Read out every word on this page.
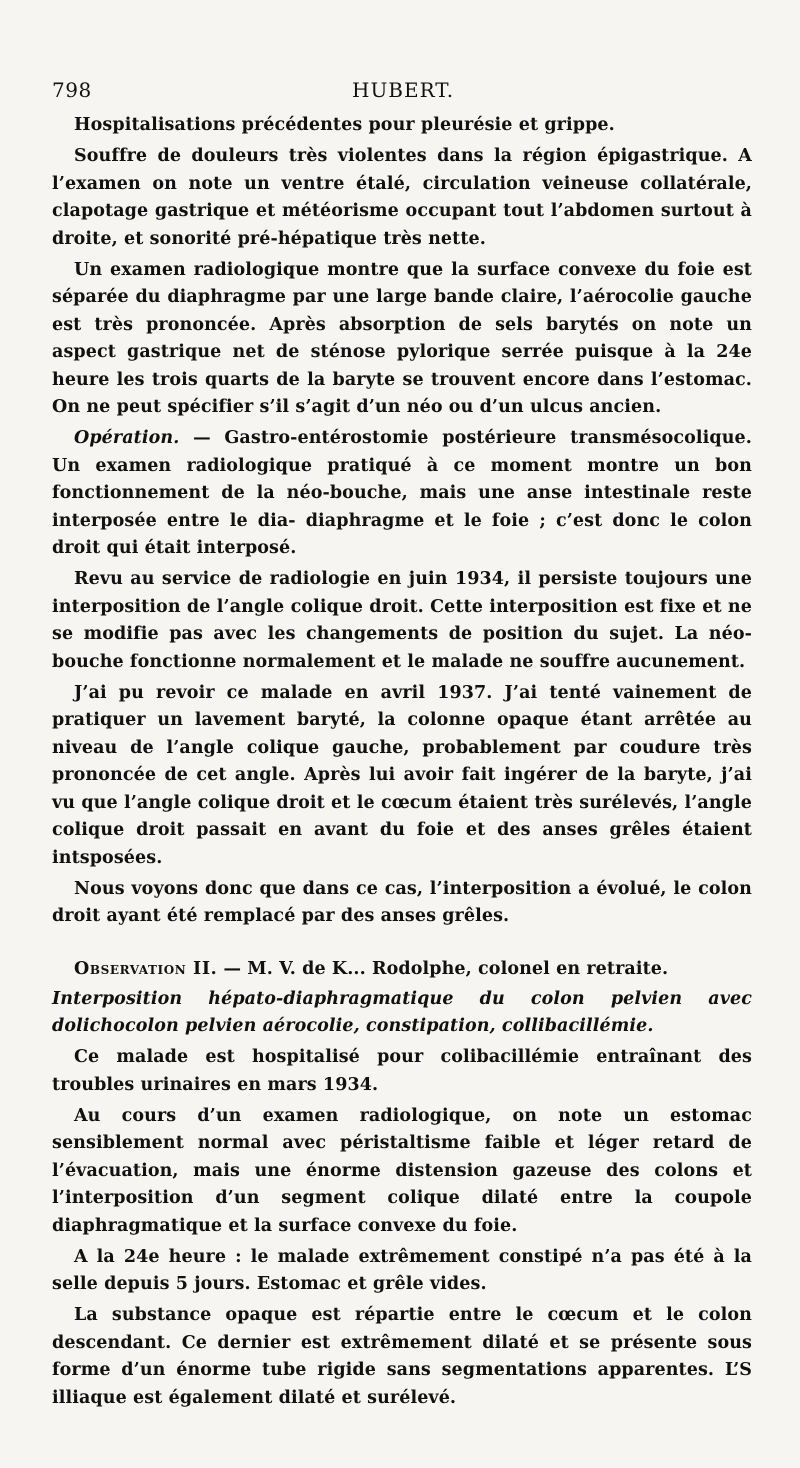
798	HUBERT.

Hospitalisations précédentes pour pleurésie et grippe.

Souffre de douleurs très violentes dans la région épigastrique. A l’examen on note un ventre étalé, circulation veineuse collatérale, clapotage gastrique et météorisme occupant tout l’abdomen surtout à droite, et sonorité pré-hépatique très nette.

Un examen radiologique montre que la surface convexe du foie est séparée du diaphragme par une large bande claire, l’aérocolie gauche est très prononcée. Après absorption de sels barytés on note un aspect gastrique net de sténose pylorique serrée puisque à la 24e heure les trois quarts de la baryte se trouvent encore dans l’estomac. On ne peut spécifier s’il s’agit d’un néo ou d’un ulcus ancien.

Opération. — Gastro-entérostomie postérieure transmésocolique. Un examen radiologique pratiqué à ce moment montre un bon fonctionnement de la néo-bouche, mais une anse intestinale reste interposée entre le dia- diaphragme et le foie ; c’est donc le colon droit qui était interposé.

Revu au service de radiologie en juin 1934, il persiste toujours une interposition de l’angle colique droit. Cette interposition est fixe et ne se modifie pas avec les changements de position du sujet. La néo-bouche fonctionne normalement et le malade ne souffre aucunement.

J’ai pu revoir ce malade en avril 1937. J’ai tenté vainement de pratiquer un lavement baryté, la colonne opaque étant arrêtée au niveau de l’angle colique gauche, probablement par coudure très prononcée de cet angle. Après lui avoir fait ingérer de la baryte, j’ai vu que l’angle colique droit et le cœcum étaient très surélevés, l’angle colique droit passait en avant du foie et des anses grêles étaient intsposées.

Nous voyons donc que dans ce cas, l’interposition a évolué, le colon droit ayant été remplacé par des anses grêles.

Observation II. — M. V. de K... Rodolphe, colonel en retraite.

Interposition hépato-diaphragmatique du colon pelvien avec dolichocolon pelvien aérocolie, constipation, collibacillémie.

Ce malade est hospitalisé pour colibacillémie entraînant des troubles urinaires en mars 1934.

Au cours d’un examen radiologique, on note un estomac sensiblement normal avec péristaltisme faible et léger retard de l’évacuation, mais une énorme distension gazeuse des colons et l’interposition d’un segment colique dilaté entre la coupole diaphragmatique et la surface convexe du foie.

A la 24e heure : le malade extrêmement constipé n’a pas été à la selle depuis 5 jours. Estomac et grêle vides.

La substance opaque est répartie entre le cœcum et le colon descendant. Ce dernier est extrêmement dilaté et se présente sous forme d’un énorme tube rigide sans segmentations apparentes. L’S illiaque est également dilaté et surélevé.
